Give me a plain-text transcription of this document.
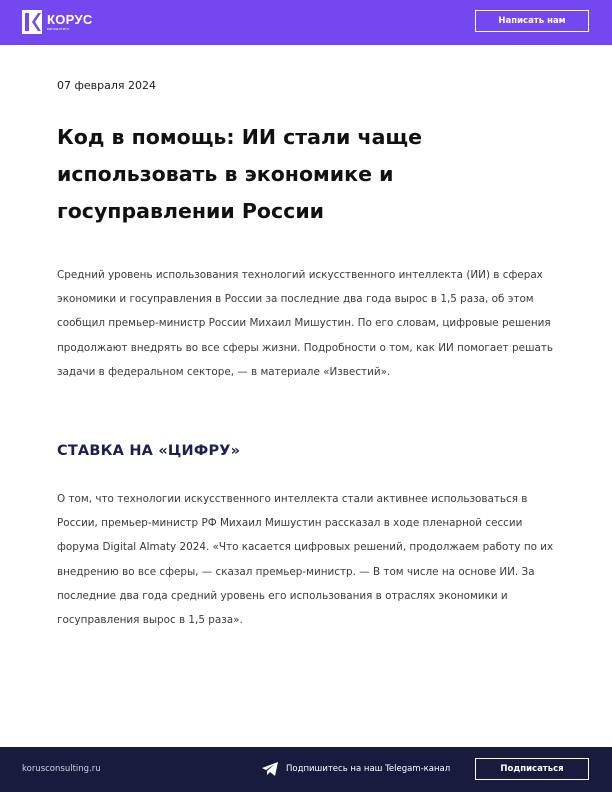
КОРУС
консалтинг
Написать нам
07 февраля 2024
Код в помощь: ИИ стали чаще использовать в экономике и госуправлении России

Средний уровень использования технологий искусственного интеллекта (ИИ) в сферах экономики и госуправления в России за последние два года вырос в 1,5 раза, об этом сообщил премьер-министр России Михаил Мишустин. По его словам, цифровые решения продолжают внедрять во все сферы жизни. Подробности о том, как ИИ помогает решать задачи в федеральном секторе, — в материале «Известий».

СТАВКА НА «ЦИФРУ»

О том, что технологии искусственного интеллекта стали активнее использоваться в России, премьер-министр РФ Михаил Мишустин рассказал в ходе пленарной сессии форума Digital Almaty 2024. «Что касается цифровых решений, продолжаем работу по их внедрению во все сферы, — сказал премьер-министр. — В том числе на основе ИИ. За последние два года средний уровень его использования в отраслях экономики и госуправления вырос в 1,5 раза».

korusconsulting.ru	Подпишитесь на наш Telegam-канал	Подписаться
